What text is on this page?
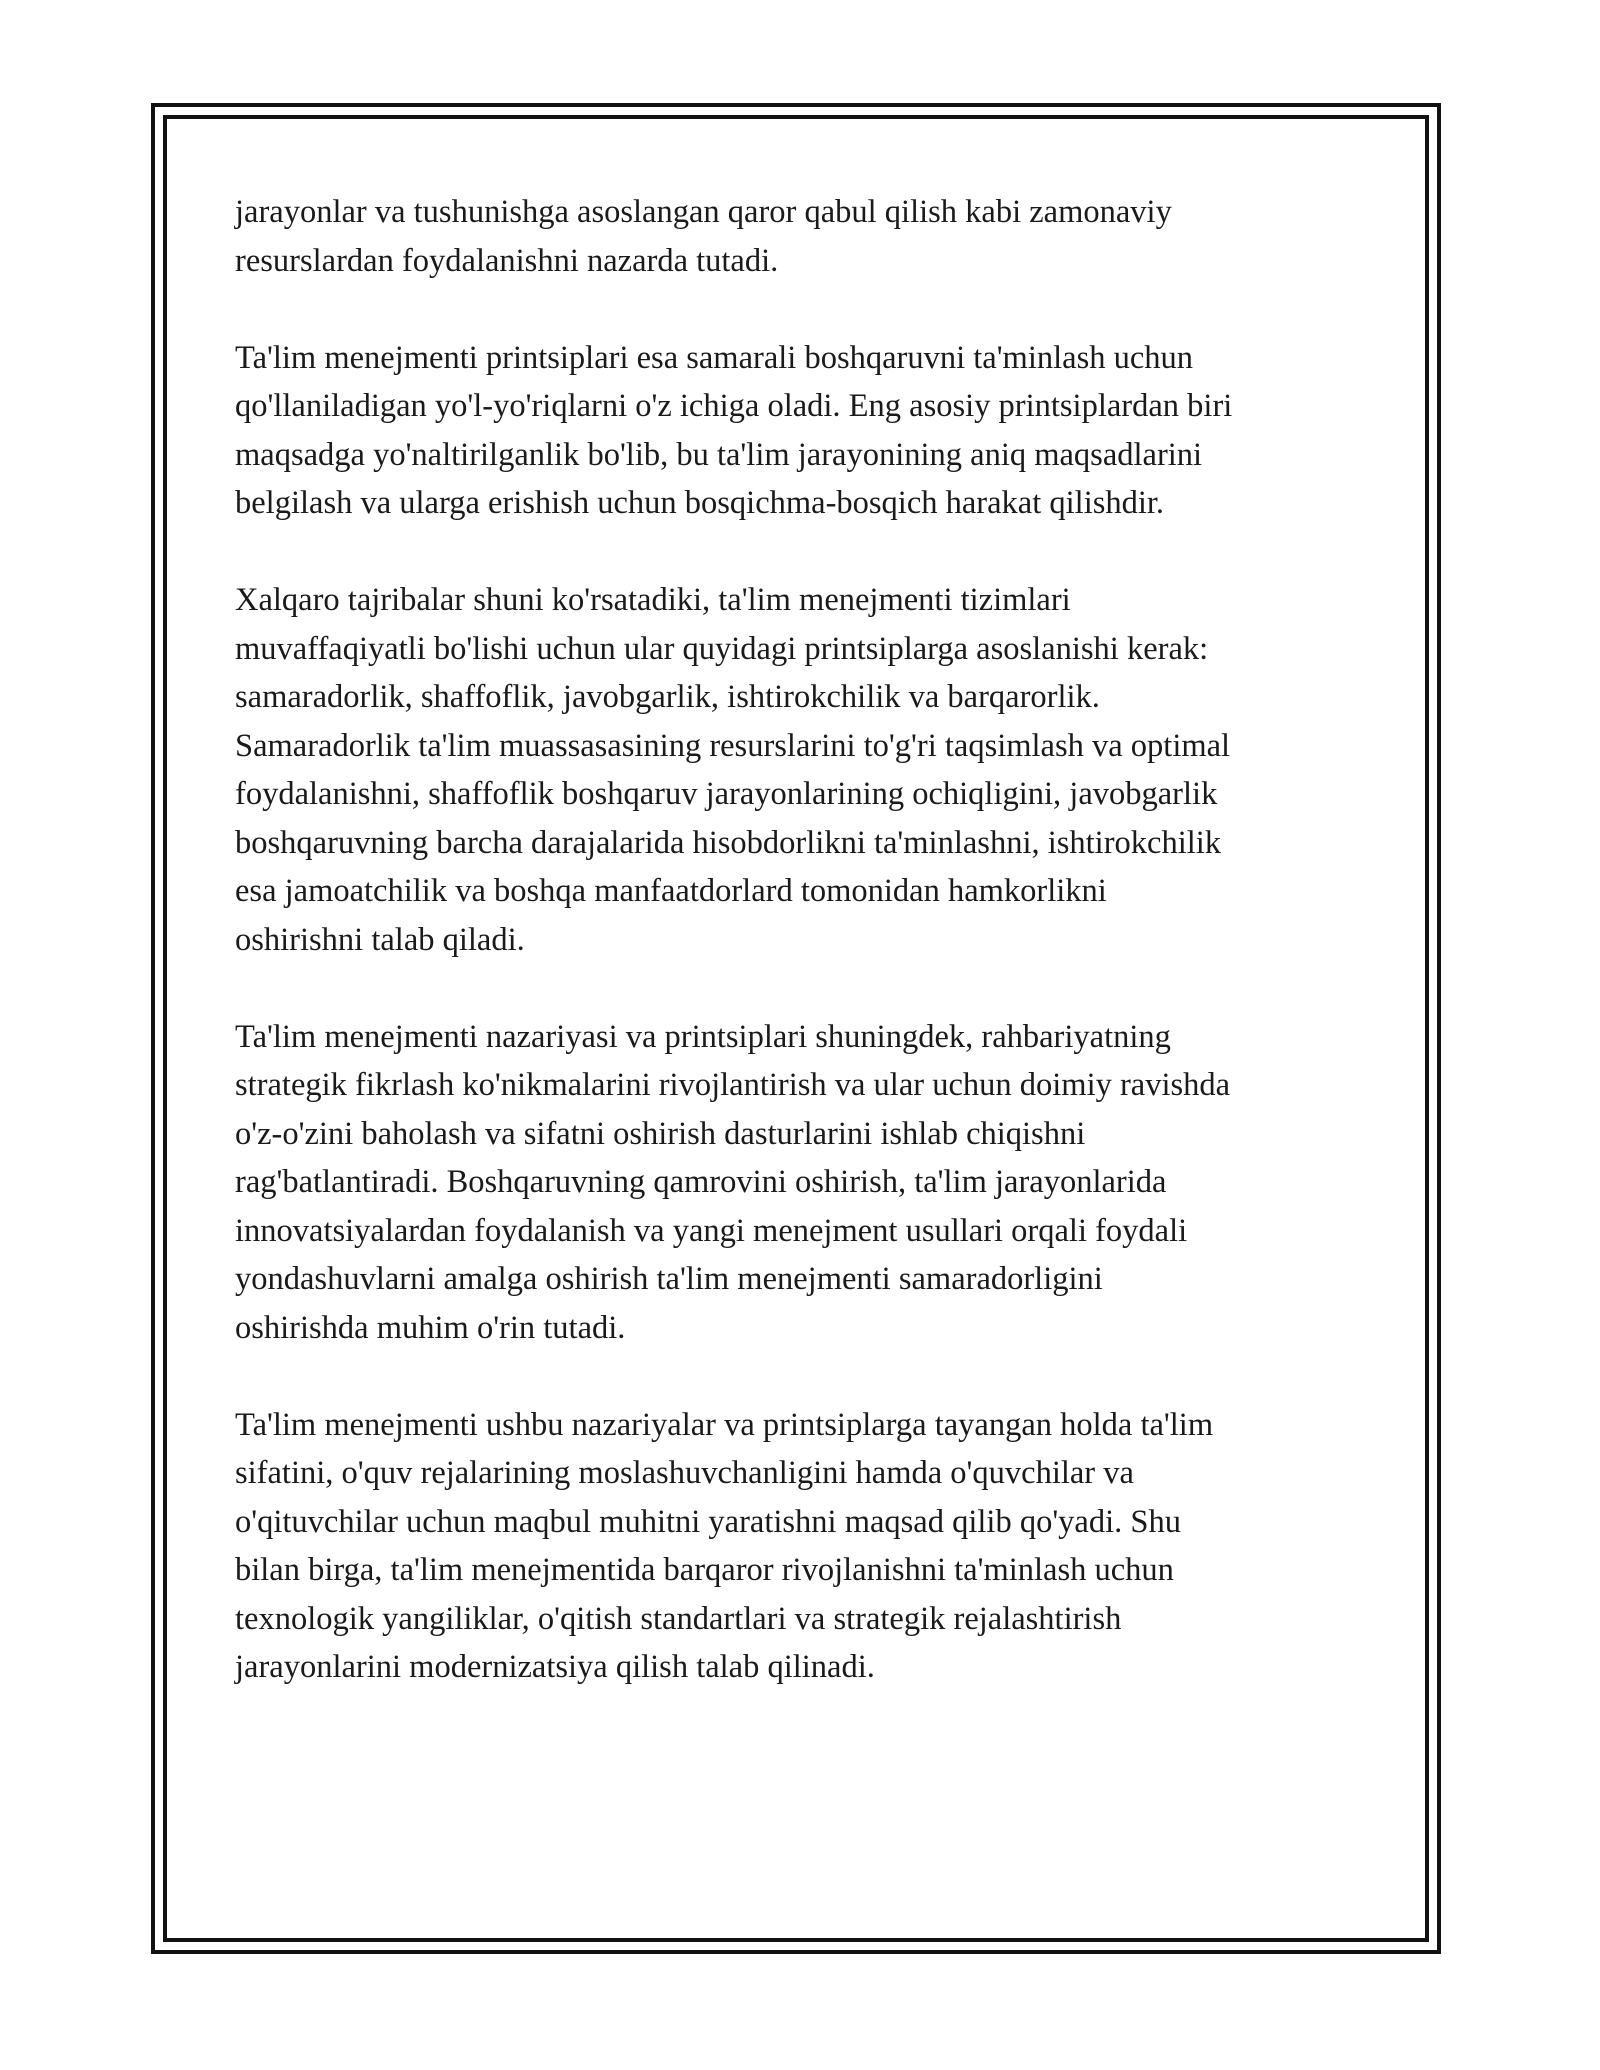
jarayonlar va tushunishga asoslangan qaror qabul qilish kabi zamonaviy
resurslardan foydalanishni nazarda tutadi.

Ta'lim menejmenti printsiplari esa samarali boshqaruvni ta'minlash uchun
qo'llaniladigan yo'l-yo'riqlarni o'z ichiga oladi. Eng asosiy printsiplardan biri
maqsadga yo'naltirilganlik bo'lib, bu ta'lim jarayonining aniq maqsadlarini
belgilash va ularga erishish uchun bosqichma-bosqich harakat qilishdir.

Xalqaro tajribalar shuni ko'rsatadiki, ta'lim menejmenti tizimlari
muvaffaqiyatli bo'lishi uchun ular quyidagi printsiplarga asoslanishi kerak:
samaradorlik, shaffoflik, javobgarlik, ishtirokchilik va barqarorlik.
Samaradorlik ta'lim muassasasining resurslarini to'g'ri taqsimlash va optimal
foydalanishni, shaffoflik boshqaruv jarayonlarining ochiqligini, javobgarlik
boshqaruvning barcha darajalarida hisobdorlikni ta'minlashni, ishtirokchilik
esa jamoatchilik va boshqa manfaatdorlard tomonidan hamkorlikni
oshirishni talab qiladi.

Ta'lim menejmenti nazariyasi va printsiplari shuningdek, rahbariyatning
strategik fikrlash ko'nikmalarini rivojlantirish va ular uchun doimiy ravishda
o'z-o'zini baholash va sifatni oshirish dasturlarini ishlab chiqishni
rag'batlantiradi. Boshqaruvning qamrovini oshirish, ta'lim jarayonlarida
innovatsiyalardan foydalanish va yangi menejment usullari orqali foydali
yondashuvlarni amalga oshirish ta'lim menejmenti samaradorligini
oshirishda muhim o'rin tutadi.

Ta'lim menejmenti ushbu nazariyalar va printsiplarga tayangan holda ta'lim
sifatini, o'quv rejalarining moslashuvchanligini hamda o'quvchilar va
o'qituvchilar uchun maqbul muhitni yaratishni maqsad qilib qo'yadi. Shu
bilan birga, ta'lim menejmentida barqaror rivojlanishni ta'minlash uchun
texnologik yangiliklar, o'qitish standartlari va strategik rejalashtirish
jarayonlarini modernizatsiya qilish talab qilinadi.
